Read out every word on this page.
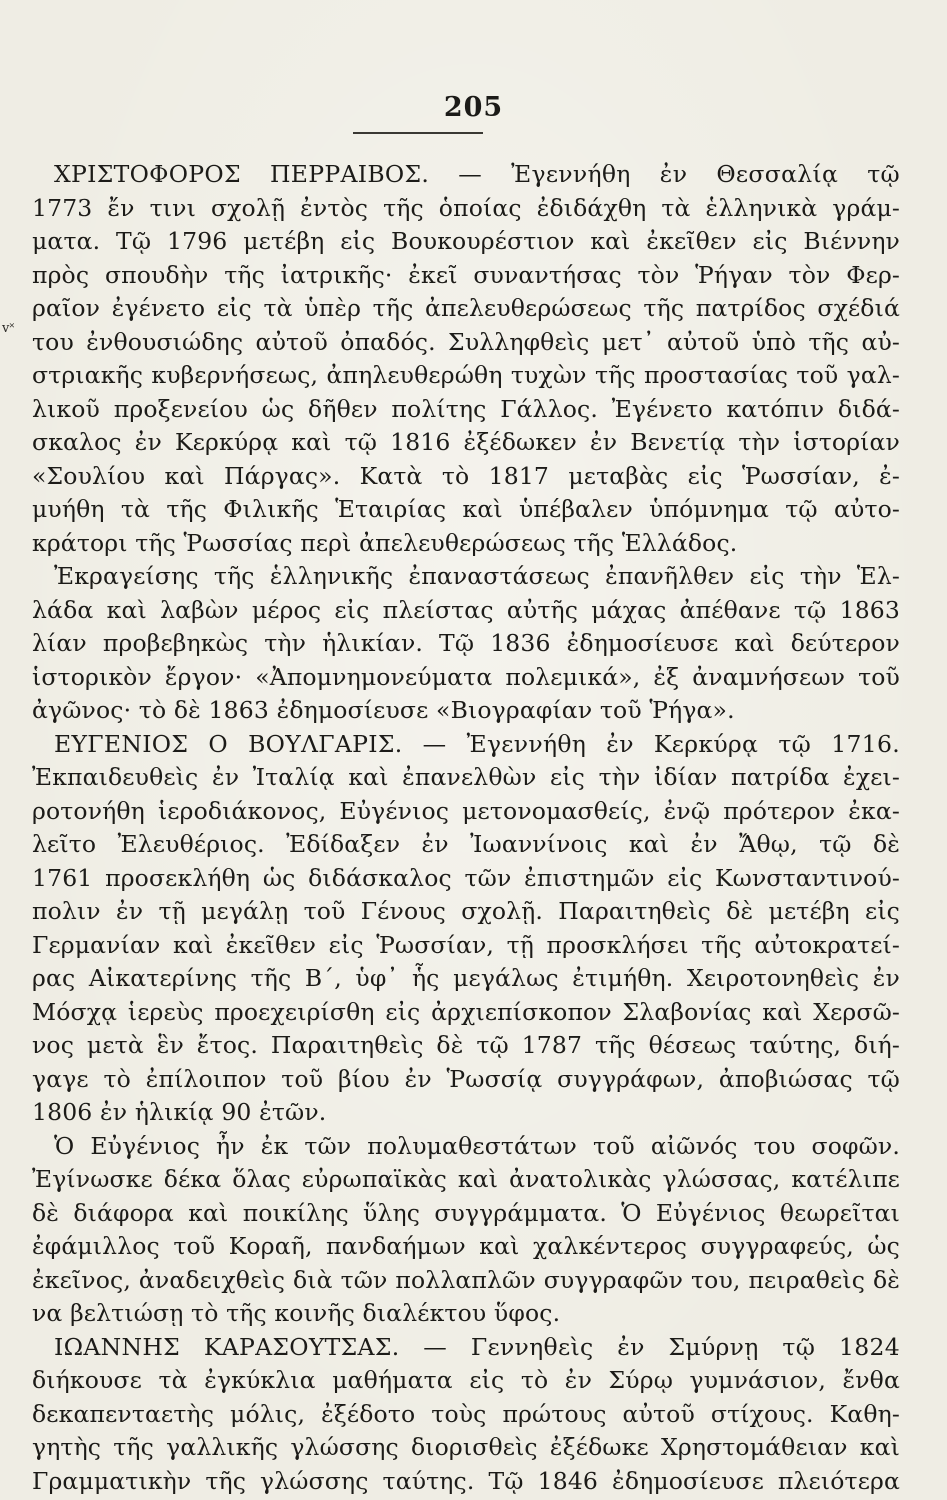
205
v˟
ΧΡΙΣΤΟΦΟΡΟΣ ΠΕΡΡΑΙΒΟΣ. — Ἐγεννήθη ἐν Θεσσαλίᾳ τῷ
1773 ἔν τινι σχολῇ ἐντὸς τῆς ὁποίας ἐδιδάχθη τὰ ἑλληνικὰ γράμ-
ματα. Τῷ 1796 μετέβη εἰς Βουκουρέστιον καὶ ἐκεῖθεν εἰς Βιέννην
πρὸς σπουδὴν τῆς ἰατρικῆς· ἐκεῖ συναντήσας τὸν Ῥήγαν τὸν Φερ-
ραῖον ἐγένετο εἰς τὰ ὑπὲρ τῆς ἀπελευθερώσεως τῆς πατρίδος σχέδιά
του ἐνθουσιώδης αὐτοῦ ὀπαδός. Συλληφθεὶς μετ᾽ αὐτοῦ ὑπὸ τῆς αὐ-
στριακῆς κυβερνήσεως, ἀπηλευθερώθη τυχὼν τῆς προστασίας τοῦ γαλ-
λικοῦ προξενείου ὡς δῆθεν πολίτης Γάλλος. Ἐγένετο κατόπιν διδά-
σκαλος ἐν Κερκύρᾳ καὶ τῷ 1816 ἐξέδωκεν ἐν Βενετίᾳ τὴν ἱστορίαν
«Σουλίου καὶ Πάργας». Κατὰ τὸ 1817 μεταβὰς εἰς Ῥωσσίαν, ἐ-
μυήθη τὰ τῆς Φιλικῆς Ἑταιρίας καὶ ὑπέβαλεν ὑπόμνημα τῷ αὐτο-
κράτορι τῆς Ῥωσσίας περὶ ἀπελευθερώσεως τῆς Ἑλλάδος.
Ἐκραγείσης τῆς ἑλληνικῆς ἐπαναστάσεως ἐπανῆλθεν εἰς τὴν Ἑλ-
λάδα καὶ λαβὼν μέρος εἰς πλείστας αὐτῆς μάχας ἀπέθανε τῷ 1863
λίαν προβεβηκὼς τὴν ἡλικίαν. Τῷ 1836 ἐδημοσίευσε καὶ δεύτερον
ἱστορικὸν ἔργον· «Ἀπομνημονεύματα πολεμικά», ἐξ ἀναμνήσεων τοῦ
ἀγῶνος· τὸ δὲ 1863 ἐδημοσίευσε «Βιογραφίαν τοῦ Ῥήγα».
ΕΥΓΕΝΙΟΣ Ο ΒΟΥΛΓΑΡΙΣ. — Ἐγεννήθη ἐν Κερκύρᾳ τῷ 1716.
Ἐκπαιδευθεὶς ἐν Ἰταλίᾳ καὶ ἐπανελθὼν εἰς τὴν ἰδίαν πατρίδα ἐχει-
ροτονήθη ἱεροδιάκονος, Εὐγένιος μετονομασθείς, ἐνῷ πρότερον ἐκα-
λεῖτο Ἐλευθέριος. Ἐδίδαξεν ἐν Ἰωαννίνοις καὶ ἐν Ἄθῳ, τῷ δὲ
1761 προσεκλήθη ὡς διδάσκαλος τῶν ἐπιστημῶν εἰς Κωνσταντινού-
πολιν ἐν τῇ μεγάλῃ τοῦ Γένους σχολῇ. Παραιτηθεὶς δὲ μετέβη εἰς
Γερμανίαν καὶ ἐκεῖθεν εἰς Ῥωσσίαν, τῇ προσκλήσει τῆς αὐτοκρατεί-
ρας Αἰκατερίνης τῆς Β΄, ὑφ᾽ ἧς μεγάλως ἐτιμήθη. Χειροτονηθεὶς ἐν
Μόσχᾳ ἱερεὺς προεχειρίσθη εἰς ἀρχιεπίσκοπον Σλαβονίας καὶ Χερσῶ-
νος μετὰ ἓν ἔτος. Παραιτηθεὶς δὲ τῷ 1787 τῆς θέσεως ταύτης, διή-
γαγε τὸ ἐπίλοιπον τοῦ βίου ἐν Ῥωσσίᾳ συγγράφων, ἀποβιώσας τῷ
1806 ἐν ἡλικίᾳ 90 ἐτῶν.
Ὁ Εὐγένιος ἦν ἐκ τῶν πολυμαθεστάτων τοῦ αἰῶνός του σοφῶν.
Ἐγίνωσκε δέκα ὅλας εὐρωπαϊκὰς καὶ ἀνατολικὰς γλώσσας, κατέλιπε
δὲ διάφορα καὶ ποικίλης ὕλης συγγράμματα. Ὁ Εὐγένιος θεωρεῖται
ἐφάμιλλος τοῦ Κοραῆ, πανδαήμων καὶ χαλκέντερος συγγραφεύς, ὡς
ἐκεῖνος, ἀναδειχθεὶς διὰ τῶν πολλαπλῶν συγγραφῶν του, πειραθεὶς δὲ
να βελτιώσῃ τὸ τῆς κοινῆς διαλέκτου ὕφος.
ΙΩΑΝΝΗΣ ΚΑΡΑΣΟΥΤΣΑΣ. — Γεννηθεὶς ἐν Σμύρνῃ τῷ 1824
διήκουσε τὰ ἐγκύκλια μαθήματα εἰς τὸ ἐν Σύρῳ γυμνάσιον, ἔνθα
δεκαπενταετὴς μόλις, ἐξέδοτο τοὺς πρώτους αὐτοῦ στίχους. Καθη-
γητὴς τῆς γαλλικῆς γλώσσης διορισθεὶς ἐξέδωκε Χρηστομάθειαν καὶ
Γραμματικὴν τῆς γλώσσης ταύτης. Τῷ 1846 ἐδημοσίευσε πλειότερα
